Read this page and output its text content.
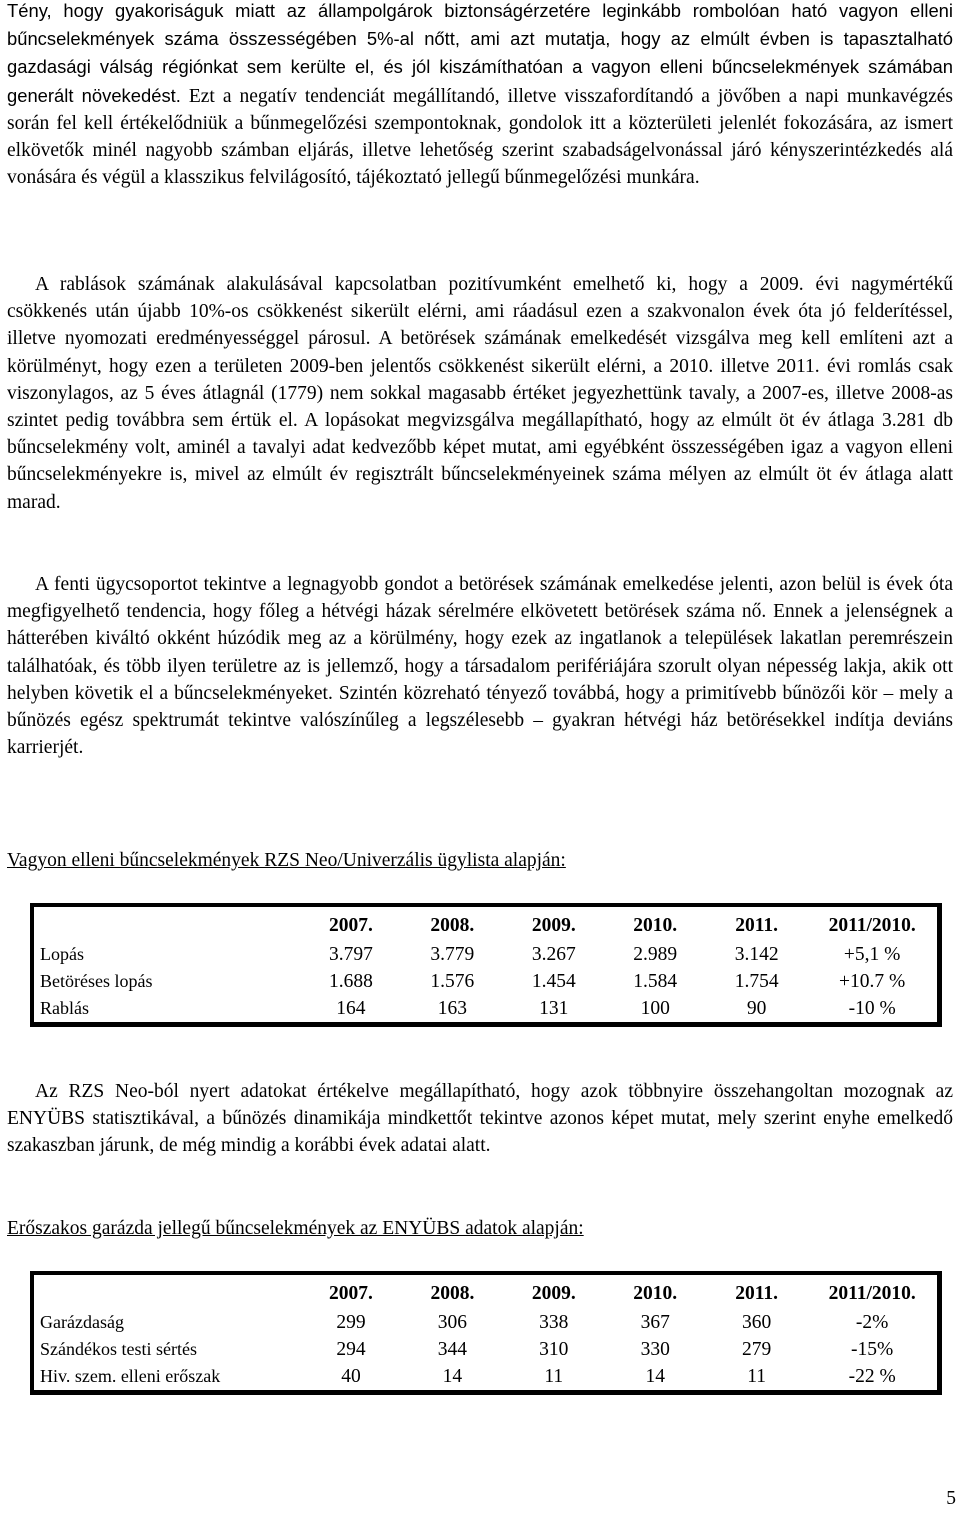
Tény, hogy gyakoriságuk miatt az állampolgárok biztonságérzetére leginkább rombolóan ható vagyon elleni bűncselekmények száma összességében 5%-al nőtt, ami azt mutatja, hogy az elmúlt évben is tapasztalható gazdasági válság régiónkat sem kerülte el, és jól kiszámíthatóan a vagyon elleni bűncselekmények számában generált növekedést. Ezt a negatív tendenciát megállítandó, illetve visszafordítandó a jövőben a napi munkavégzés során fel kell értékelődniük a bűnmegelőzési szempontoknak, gondolok itt a közterületi jelenlét fokozására, az ismert elkövetők minél nagyobb számban eljárás, illetve lehetőség szerint szabadságelvonással járó kényszerintézkedés alá vonására és végül a klasszikus felvilágosító, tájékoztató jellegű bűnmegelőzési munkára.

A rablások számának alakulásával kapcsolatban pozitívumként emelhető ki, hogy a 2009. évi nagymértékű csökkenés után újabb 10%-os csökkenést sikerült elérni, ami ráadásul ezen a szakvonalon évek óta jó felderítéssel, illetve nyomozati eredményességgel párosul. A betörések számának emelkedését vizsgálva meg kell említeni azt a körülményt, hogy ezen a területen 2009-ben jelentős csökkenést sikerült elérni, a 2010. illetve 2011. évi romlás csak viszonylagos, az 5 éves átlagnál (1779) nem sokkal magasabb értéket jegyezhettünk tavaly, a 2007-es, illetve 2008-as szintet pedig továbbra sem értük el. A lopásokat megvizsgálva megállapítható, hogy az elmúlt öt év átlaga 3.281 db bűncselekmény volt, aminél a tavalyi adat kedvezőbb képet mutat, ami egyébként összességében igaz a vagyon elleni bűncselekményekre is, mivel az elmúlt év regisztrált bűncselekményeinek száma mélyen az elmúlt öt év átlaga alatt marad.

A fenti ügycsoportot tekintve a legnagyobb gondot a betörések számának emelkedése jelenti, azon belül is évek óta megfigyelhető tendencia, hogy főleg a hétvégi házak sérelmére elkövetett betörések száma nő. Ennek a jelenségnek a hátterében kiváltó okként húzódik meg az a körülmény, hogy ezek az ingatlanok a települések lakatlan peremrészein találhatóak, és több ilyen területre az is jellemző, hogy a társadalom perifériájára szorult olyan népesség lakja, akik ott helyben követik el a bűncselekményeket. Szintén közreható tényező továbbá, hogy a primitívebb bűnözői kör – mely a bűnözés egész spektrumát tekintve valószínűleg a legszélesebb – gyakran hétvégi ház betörésekkel indítja deviáns karrierjét.

Vagyon elleni bűncselekmények RZS Neo/Univerzális ügylista alapján:

	2007.	2008.	2009.	2010.	2011.	2011/2010.
Lopás	3.797	3.779	3.267	2.989	3.142	+5,1 %
Betöréses lopás	1.688	1.576	1.454	1.584	1.754	+10.7 %
Rablás	164	163	131	100	90	-10 %

Az RZS Neo-ból nyert adatokat értékelve megállapítható, hogy azok többnyire összehangoltan mozognak az ENYÜBS statisztikával, a bűnözés dinamikája mindkettőt tekintve azonos képet mutat, mely szerint enyhe emelkedő szakaszban járunk, de még mindig a korábbi évek adatai alatt.

Erőszakos garázda jellegű bűncselekmények az ENYÜBS adatok alapján:

	2007.	2008.	2009.	2010.	2011.	2011/2010.
Garázdaság	299	306	338	367	360	-2%
Szándékos testi sértés	294	344	310	330	279	-15%
Hiv. szem. elleni erőszak	40	14	11	14	11	-22 %
5
